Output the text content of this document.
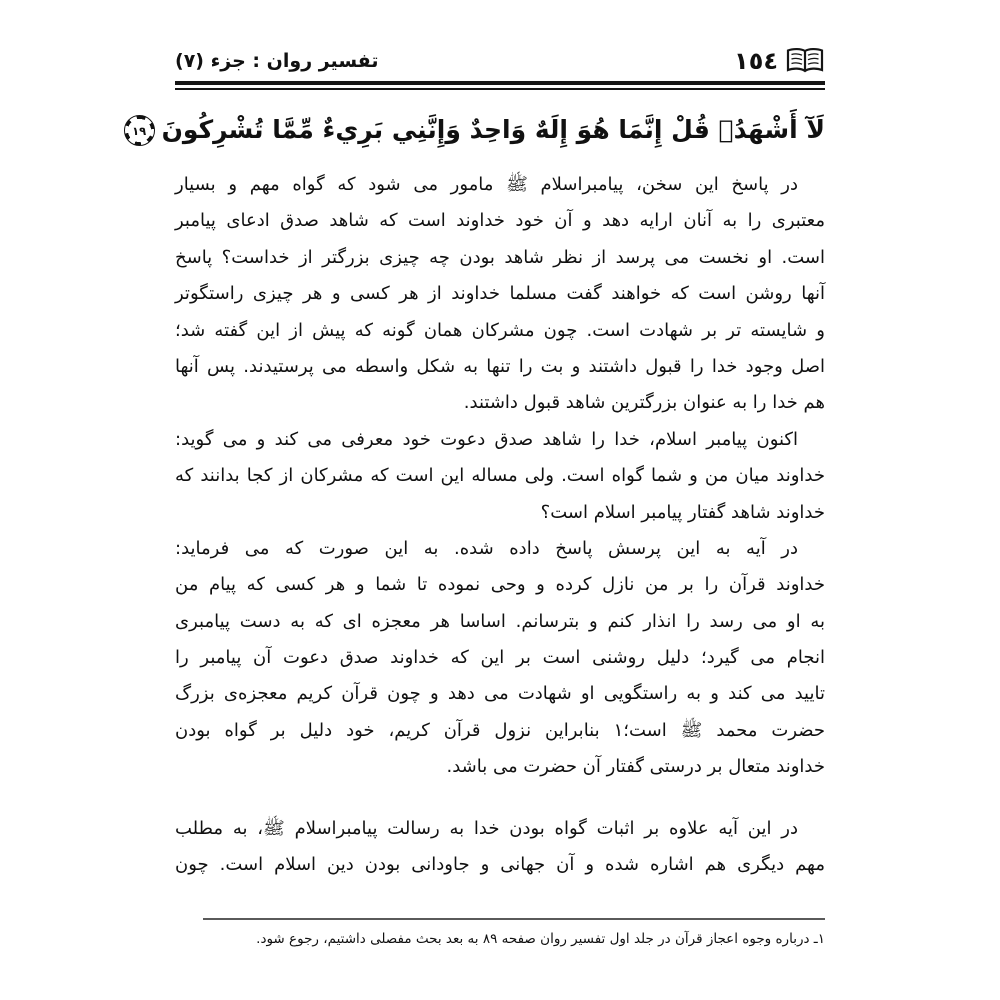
١٥٤
تفسیر روان : جزء (۷)
لَآ أَشْهَدُۚ قُلْ إِنَّمَا هُوَ إِلَهٌ وَاحِدٌ وَإِنَّنِي بَرِيءٌ مِّمَّا تُشْرِكُونَ
١٩
در پاسخ این سخن، پیامبراسلام ﷺ مامور می شود که گواه مهم و بسیار
معتبری را به آنان ارایه دهد و آن خود خداوند است که شاهد صدق ادعای پیامبر
است. او نخست می پرسد از نظر شاهد بودن چه چیزی بزرگتر از خداست؟ پاسخ
آنها روشن است که خواهند گفت مسلما خداوند از هر کسی و هر چیزی راستگوتر
و شایسته تر بر شهادت است. چون مشرکان همان گونه که پیش از این گفته شد؛
اصل وجود خدا را قبول داشتند و بت را تنها به شکل واسطه می پرستیدند. پس آنها
هم خدا را به عنوان بزرگترین شاهد قبول داشتند.
اکنون پیامبر اسلام، خدا را شاهد صدق دعوت خود معرفی می کند و می گوید:
خداوند میان من و شما گواه است. ولی مساله این است که مشرکان از کجا بدانند که
خداوند شاهد گفتار پیامبر اسلام است؟
در آیه به این پرسش پاسخ داده شده. به این صورت که می فرماید:
خداوند قرآن را بر من نازل کرده و وحی نموده تا شما و هر کسی که پیام من
به او می رسد را انذار کنم و بترسانم. اساسا هر معجزه ای که به دست پیامبری
انجام می گیرد؛ دلیل روشنی است بر این که خداوند صدق دعوت آن پیامبر را
تایید می کند و به راستگویی او شهادت می دهد و چون قرآن کریم معجزه‌ی بزرگ
حضرت محمد ﷺ است؛۱ بنابراین نزول قرآن کریم، خود دلیل بر گواه بودن
خداوند متعال بر درستی گفتار آن حضرت می باشد.
در این آیه علاوه بر اثبات گواه بودن خدا به رسالت پیامبراسلام ﷺ، به مطلب
مهم دیگری هم اشاره شده و آن جهانی و جاودانی بودن دین اسلام است. چون
۱ـ درباره وجوه اعجاز قرآن در جلد اول تفسیر روان صفحه ۸۹ به بعد بحث مفصلی داشتیم، رجوع شود.
